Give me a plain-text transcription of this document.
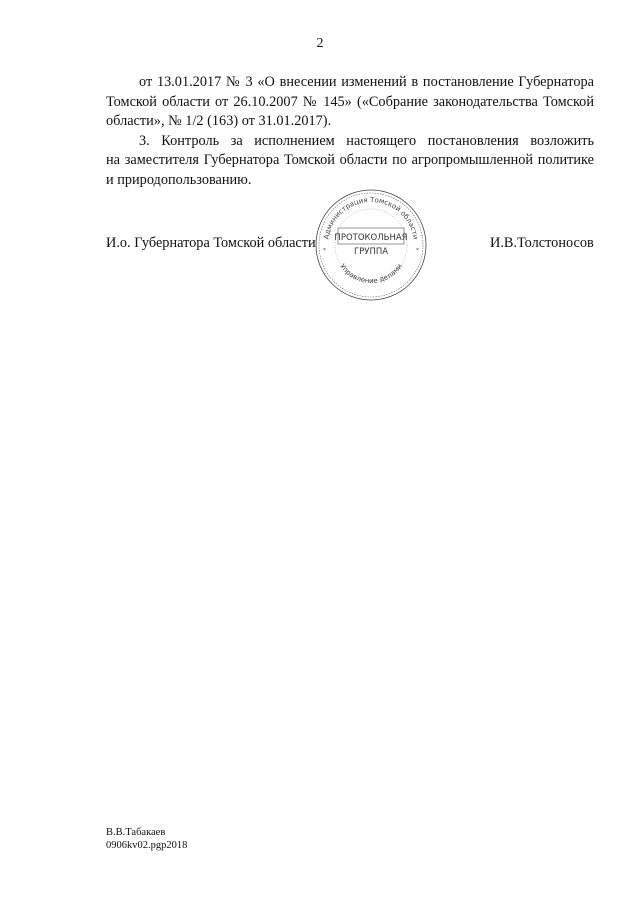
2
от 13.01.2017 № 3 «О внесении изменений в постановление Губернатора
Томской области от 26.10.2007 № 145» («Собрание законодательства Томской
области», № 1/2 (163) от 31.01.2017).
3. Контроль за исполнением настоящего постановления возложить
на заместителя Губернатора Томской области по агропромышленной политике
и природопользованию.
И.о. Губернатора Томской области	И.В.Толстоносов
Администрация Томской области
Управление делами
ПРОТОКОЛЬНАЯ
ГРУППА
*	*
В.В.Табакаев
0906kv02.pgp2018
